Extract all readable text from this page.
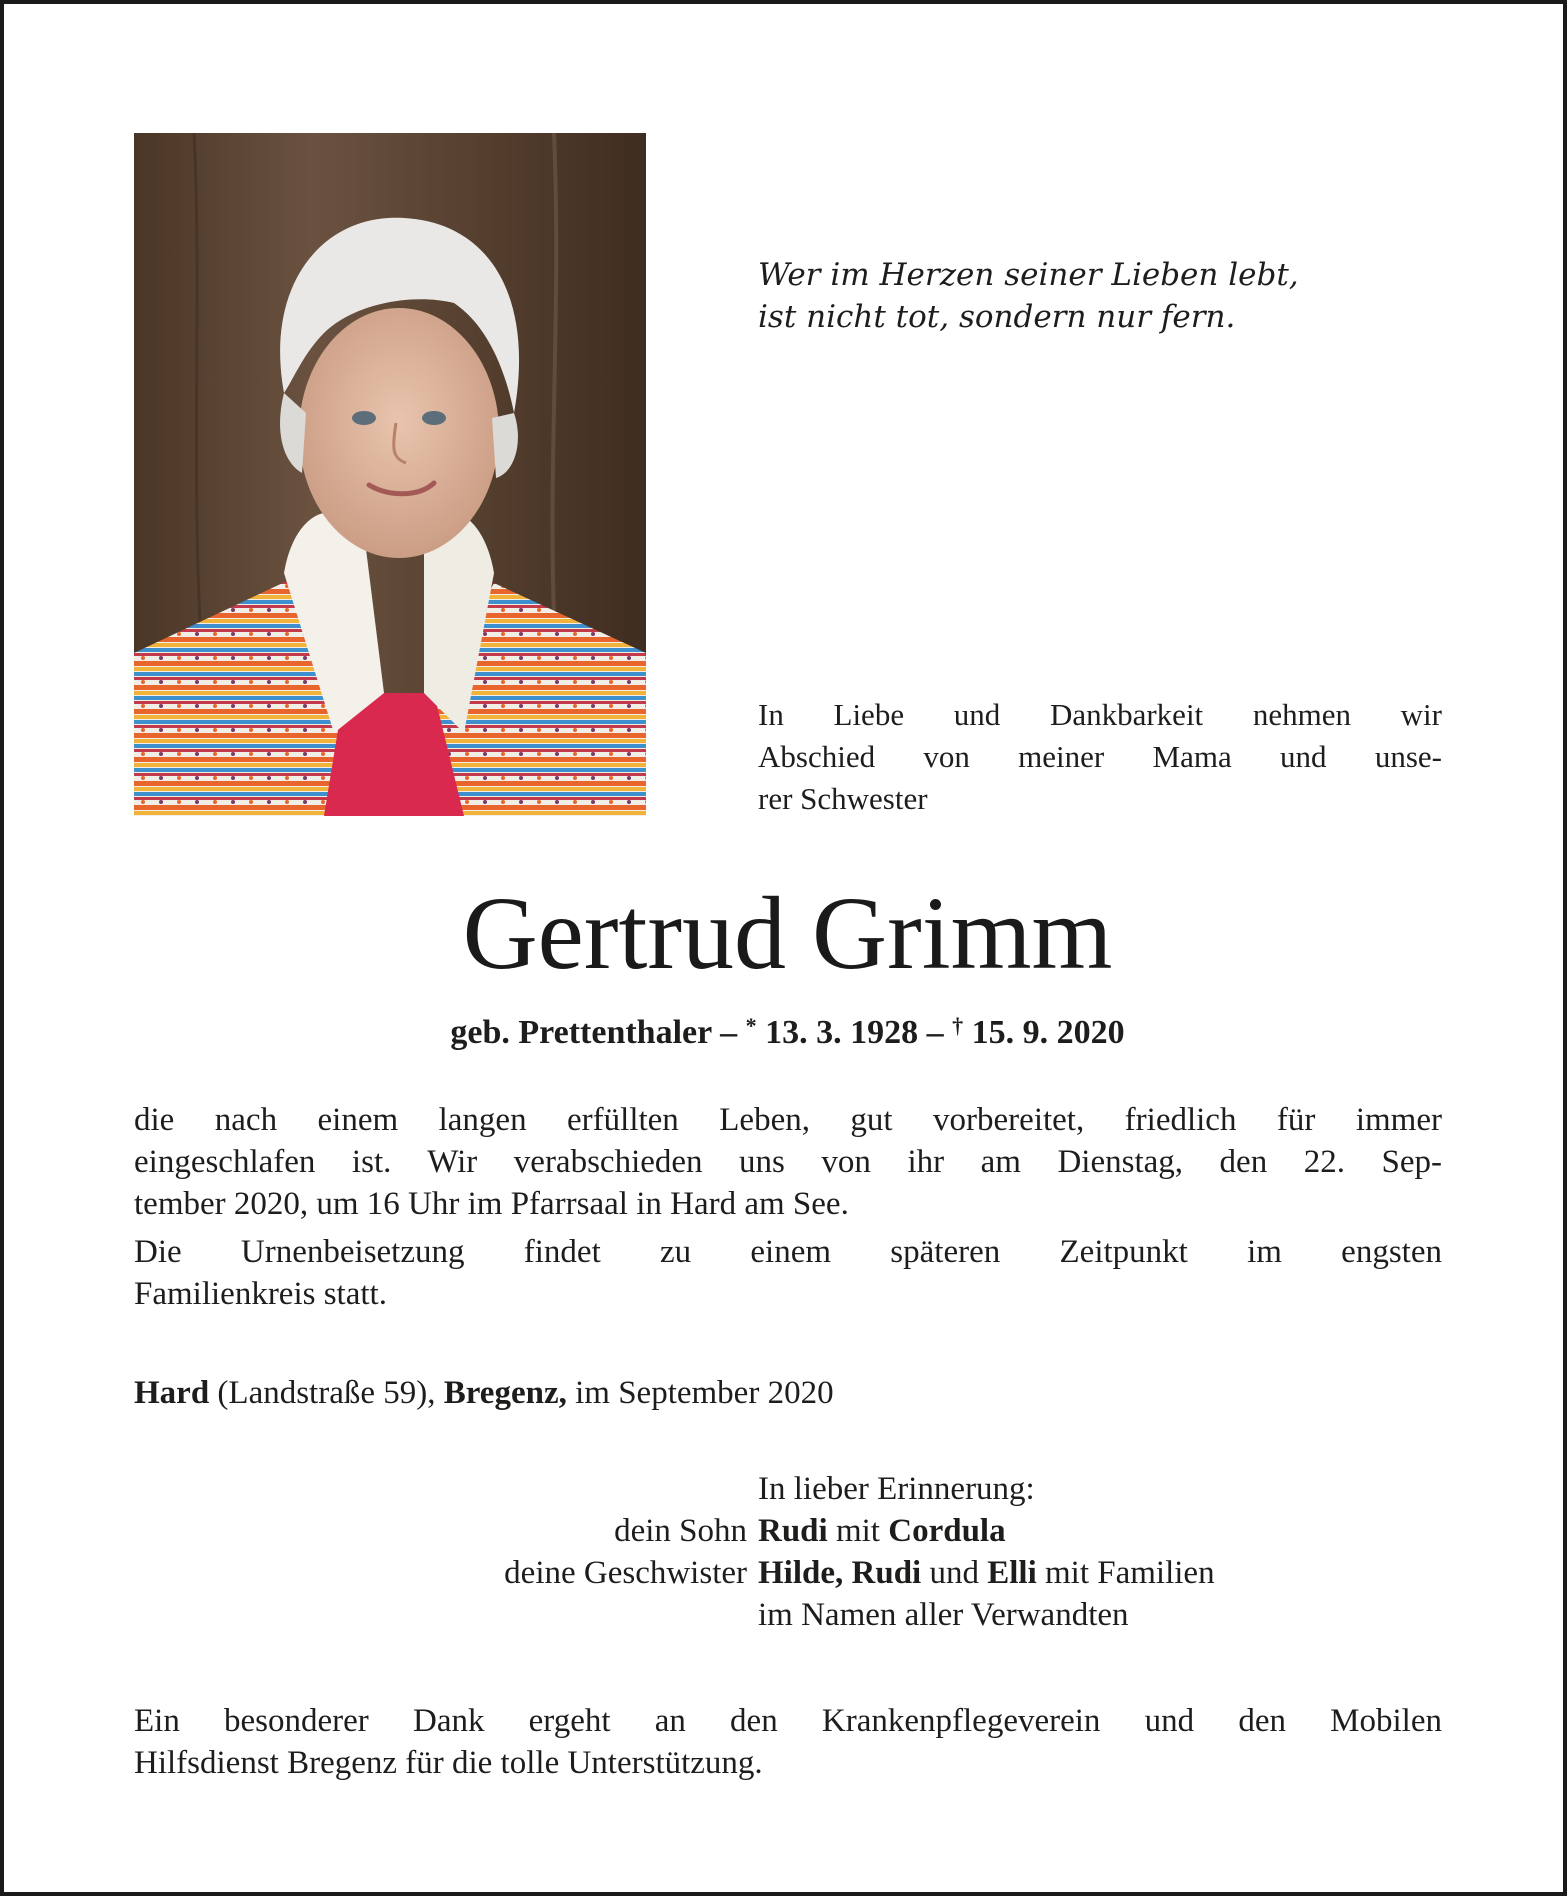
Wer im Herzen seiner Lieben lebt,
ist nicht tot, sondern nur fern.
In Liebe und Dankbarkeit nehmen wir
Abschied von meiner Mama und unse-
rer Schwester
Gertrud Grimm
geb. Prettenthaler – * 13. 3. 1928 – † 15. 9. 2020
die nach einem langen erfüllten Leben, gut vorbereitet, friedlich für immer
eingeschlafen ist. Wir verabschieden uns von ihr am Dienstag, den 22. Sep-
tember 2020, um 16 Uhr im Pfarrsaal in Hard am See.
Die Urnenbeisetzung findet zu einem späteren Zeitpunkt im engsten
Familienkreis statt.
Hard (Landstraße 59), Bregenz, im September 2020
In lieber Erinnerung:
dein Sohn Rudi mit Cordula
deine Geschwister Hilde, Rudi und Elli mit Familien
im Namen aller Verwandten
Ein besonderer Dank ergeht an den Krankenpflegeverein und den Mobilen
Hilfsdienst Bregenz für die tolle Unterstützung.
